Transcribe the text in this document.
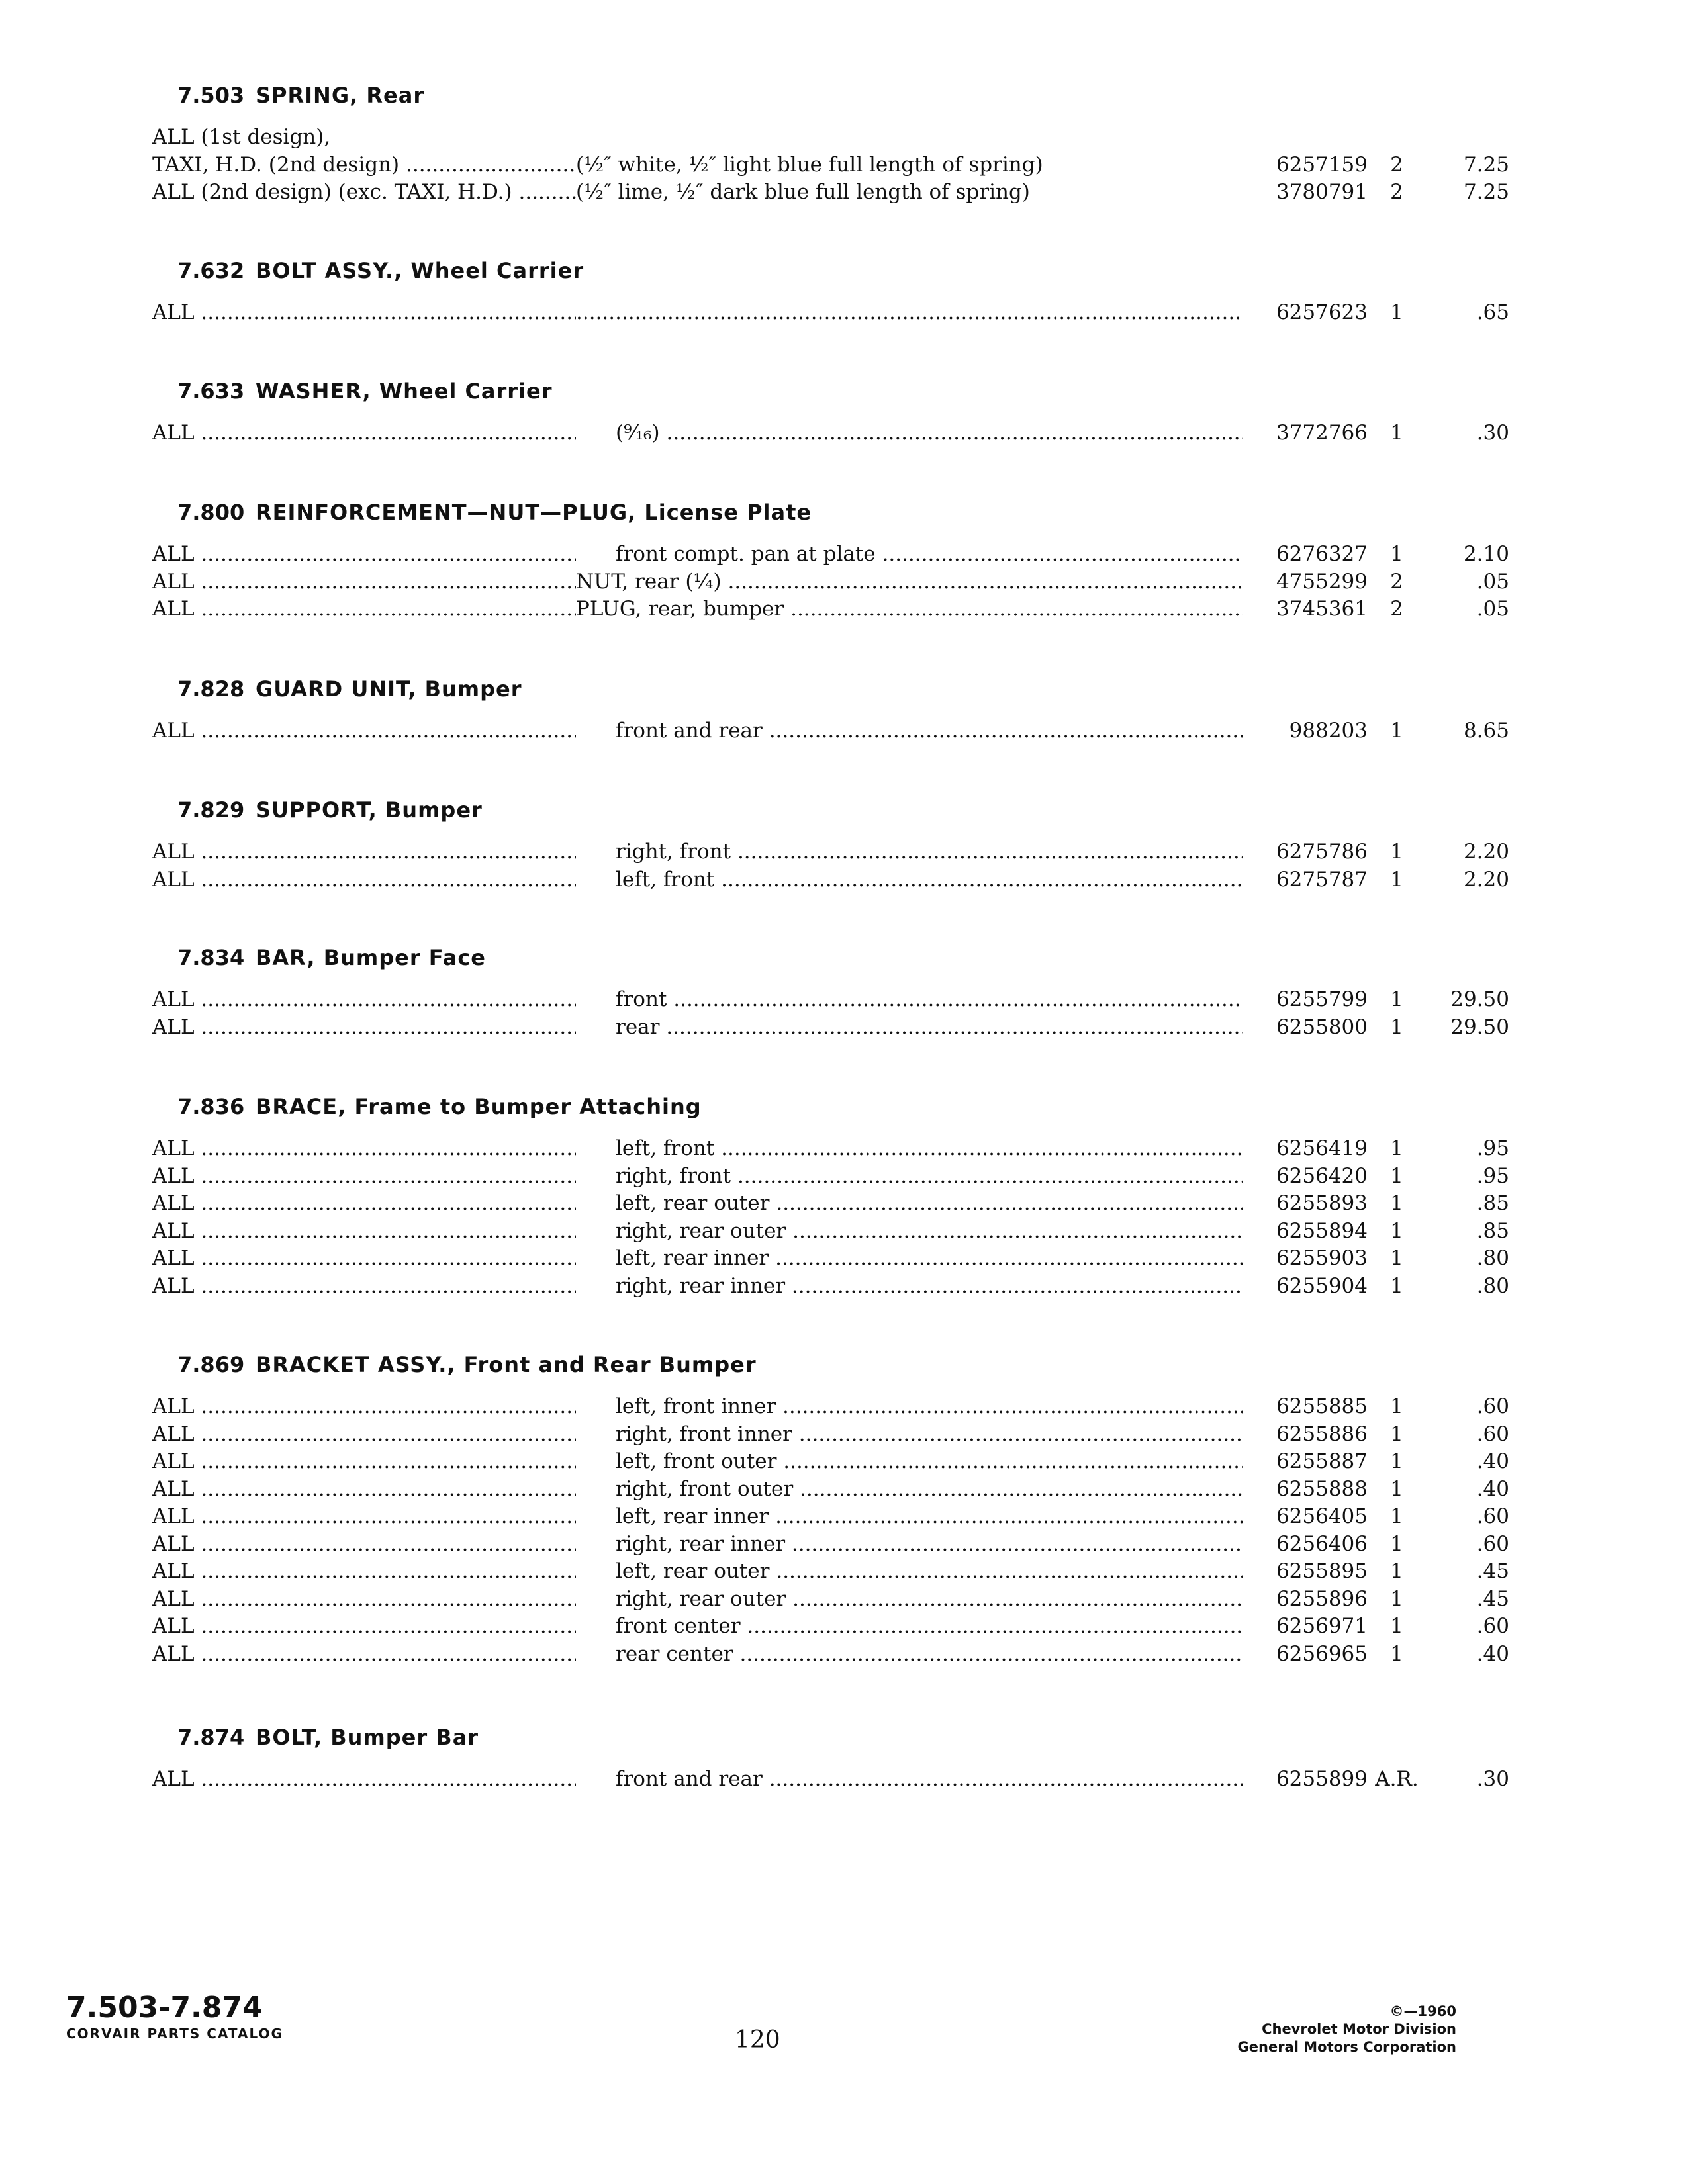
7.503 SPRING, Rear
ALL (1st design),
TAXI, H.D. (2nd design) .....	(½″ white, ½″ light blue full length of spring)	6257159	2	7.25
ALL (2nd design) (exc. TAXI, H.D.) .....	(½″ lime, ½″ dark blue full length of spring)	3780791	2	7.25
7.632 BOLT ASSY., Wheel Carrier
ALL .....
.....	6257623	1	.65
7.633 WASHER, Wheel Carrier
ALL .....	(⁹⁄₁₆) .....	3772766	1	.30
7.800 REINFORCEMENT—NUT—PLUG, License Plate
ALL .....	front compt. pan at plate .....	6276327	1	2.10
ALL .....	NUT, rear (¼) .....	4755299	2	.05
ALL .....	PLUG, rear, bumper .....	3745361	2	.05
7.828 GUARD UNIT, Bumper
ALL .....	front and rear .....	988203	1	8.65
7.829 SUPPORT, Bumper
ALL .....	right, front .....	6275786	1	2.20
ALL .....	left, front .....	6275787	1	2.20
7.834 BAR, Bumper Face
ALL .....	front .....	6255799	1	29.50
ALL .....	rear .....	6255800	1	29.50
7.836 BRACE, Frame to Bumper Attaching
ALL .....	left, front .....	6256419	1	.95
ALL .....	right, front .....	6256420	1	.95
ALL .....	left, rear outer .....	6255893	1	.85
ALL .....	right, rear outer .....	6255894	1	.85
ALL .....	left, rear inner .....	6255903	1	.80
ALL .....	right, rear inner .....	6255904	1	.80
7.869 BRACKET ASSY., Front and Rear Bumper
ALL .....	left, front inner .....	6255885	1	.60
ALL .....	right, front inner .....	6255886	1	.60
ALL .....	left, front outer .....	6255887	1	.40
ALL .....	right, front outer .....	6255888	1	.40
ALL .....	left, rear inner .....	6256405	1	.60
ALL .....	right, rear inner .....	6256406	1	.60
ALL .....	left, rear outer .....	6255895	1	.45
ALL .....	right, rear outer .....	6255896	1	.45
ALL .....	front center .....	6256971	1	.60
ALL .....	rear center .....	6256965	1	.40
7.874 BOLT, Bumper Bar
ALL .....	front and rear .....	6255899 A.R.	.30
7.503-7.874
CORVAIR PARTS CATALOG	120
©—1960
Chevrolet Motor Division
General Motors Corporation
